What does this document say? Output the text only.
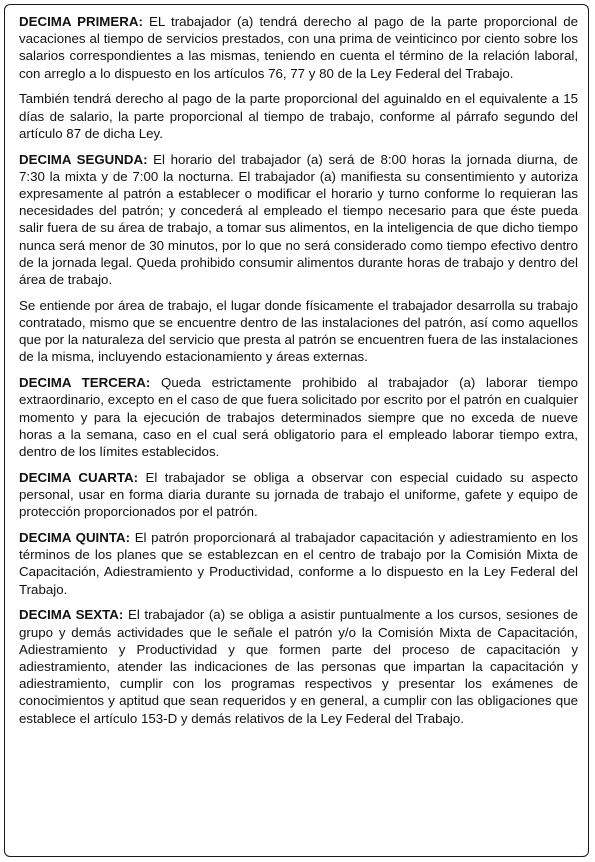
DECIMA PRIMERA: EL trabajador (a) tendrá derecho al pago de la parte proporcional de vacaciones al tiempo de servicios prestados, con una prima de veinticinco por ciento sobre los salarios correspondientes a las mismas, teniendo en cuenta el término de la relación laboral, con arreglo a lo dispuesto en los artículos 76, 77 y 80 de la Ley Federal del Trabajo.

También tendrá derecho al pago de la parte proporcional del aguinaldo en el equivalente a 15 días de salario, la parte proporcional al tiempo de trabajo, conforme al párrafo segundo del artículo 87 de dicha Ley.

DECIMA SEGUNDA: El horario del trabajador (a) será de 8:00 horas la jornada diurna, de 7:30 la mixta y de 7:00 la nocturna. El trabajador (a) manifiesta su consentimiento y autoriza expresamente al patrón a establecer o modificar el horario y turno conforme lo requieran las necesidades del patrón; y concederá al empleado el tiempo necesario para que éste pueda salir fuera de su área de trabajo, a tomar sus alimentos, en la inteligencia de que dicho tiempo nunca será menor de 30 minutos, por lo que no será considerado como tiempo efectivo dentro de la jornada legal. Queda prohibido consumir alimentos durante horas de trabajo y dentro del área de trabajo.

Se entiende por área de trabajo, el lugar donde físicamente el trabajador desarrolla su trabajo contratado, mismo que se encuentre dentro de las instalaciones del patrón, así como aquellos que por la naturaleza del servicio que presta al patrón se encuentren fuera de las instalaciones de la misma, incluyendo estacionamiento y áreas externas.

DECIMA TERCERA: Queda estrictamente prohibido al trabajador (a) laborar tiempo extraordinario, excepto en el caso de que fuera solicitado por escrito por el patrón en cualquier momento y para la ejecución de trabajos determinados siempre que no exceda de nueve horas a la semana, caso en el cual será obligatorio para el empleado laborar tiempo extra, dentro de los límites establecidos.

DECIMA CUARTA: El trabajador se obliga a observar con especial cuidado su aspecto personal, usar en forma diaria durante su jornada de trabajo el uniforme, gafete y equipo de protección proporcionados por el patrón.

DECIMA QUINTA: El patrón proporcionará al trabajador capacitación y adiestramiento en los términos de los planes que se establezcan en el centro de trabajo por la Comisión Mixta de Capacitación, Adiestramiento y Productividad, conforme a lo dispuesto en la Ley Federal del Trabajo.

DECIMA SEXTA: El trabajador (a) se obliga a asistir puntualmente a los cursos, sesiones de grupo y demás actividades que le señale el patrón y/o la Comisión Mixta de Capacitación, Adiestramiento y Productividad y que formen parte del proceso de capacitación y adiestramiento, atender las indicaciones de las personas que impartan la capacitación y adiestramiento, cumplir con los programas respectivos y presentar los exámenes de conocimientos y aptitud que sean requeridos y en general, a cumplir con las obligaciones que establece el artículo 153-D y demás relativos de la Ley Federal del Trabajo.
